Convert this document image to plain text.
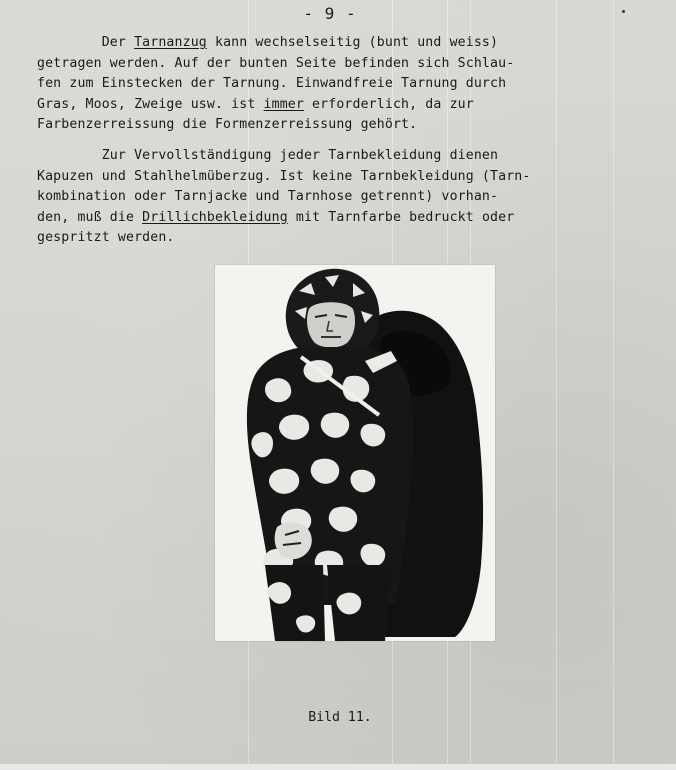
- 9 -

Der Tarnanzug kann wechselseitig (bunt und weiss)
getragen werden. Auf der bunten Seite befinden sich Schlau-
fen zum Einstecken der Tarnung. Einwandfreie Tarnung durch
Gras, Moos, Zweige usw. ist immer erforderlich, da zur
Farbenzerreissung die Formenzerreissung gehört.
Zur Vervollständigung jeder Tarnbekleidung dienen
Kapuzen und Stahlhelmüberzug. Ist keine Tarnbekleidung (Tarn-
kombination oder Tarnjacke und Tarnhose getrennt) vorhan-
den, muß die Drillichbekleidung mit Tarnfarbe bedruckt oder
gespritzt werden.

Bild 11.
